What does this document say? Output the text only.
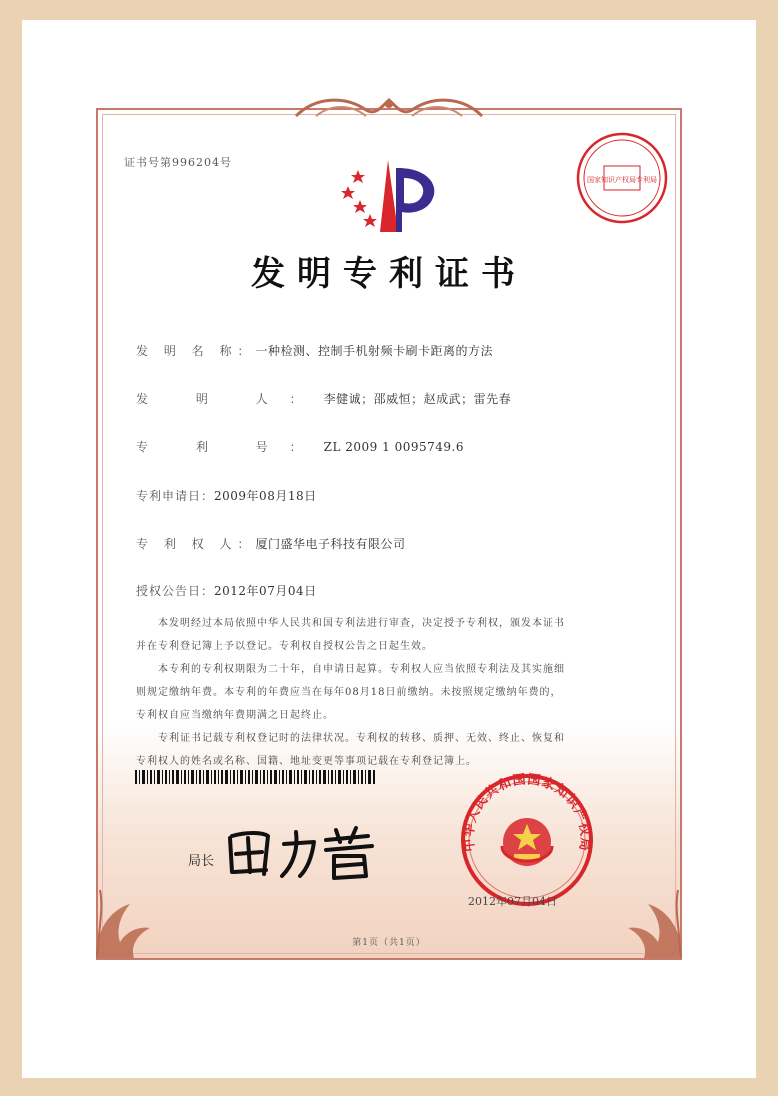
证书号第996204号
国家知识产权局专利局
发明专利证书
发 明 名 称：一种检测、控制手机射频卡刷卡距离的方法
发 明 人：李健诚；邵威恒；赵成武；雷先春
专 利 号：ZL 2009 1 0095749.6
专利申请日：2009年08月18日
专 利 权 人：厦门盛华电子科技有限公司
授权公告日：2012年07月04日
本发明经过本局依照中华人民共和国专利法进行审查，决定授予专利权，颁发本证书
并在专利登记簿上予以登记。专利权自授权公告之日起生效。
本专利的专利权期限为二十年，自申请日起算。专利权人应当依照专利法及其实施细
则规定缴纳年费。本专利的年费应当在每年08月18日前缴纳。未按照规定缴纳年费的，
专利权自应当缴纳年费期满之日起终止。
专利证书记载专利权登记时的法律状况。专利权的转移、质押、无效、终止、恢复和
专利权人的姓名或名称、国籍、地址变更等事项记载在专利登记簿上。
局长
中华人民共和国国家知识产权局
2012年07月04日
第1页（共1页）
